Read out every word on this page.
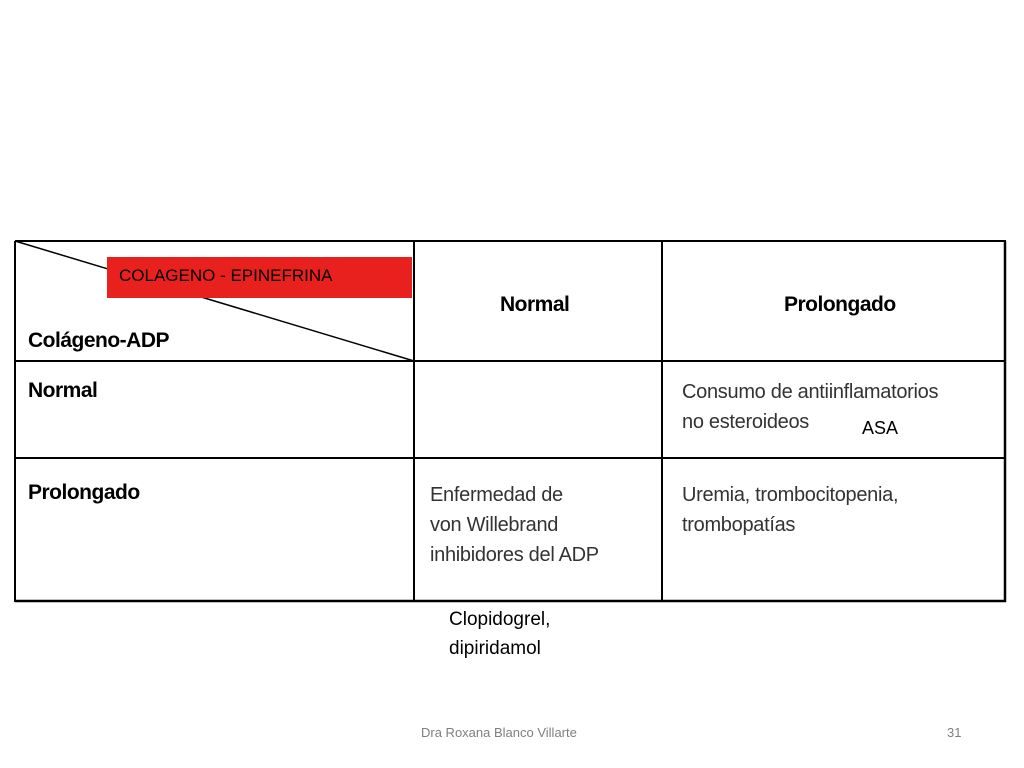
Colágeno-ADP
Normal	Prolongado
Normal
Prolongado
Consumo de antiinflamatorios
no esteroideos
Enfermedad de
von Willebrand
inhibidores del ADP
Uremia, trombocitopenia,
trombopatías
COLAGENO - EPINEFRINA
ASA
Clopidogrel,
dipiridamol
Dra Roxana Blanco Villarte	31
